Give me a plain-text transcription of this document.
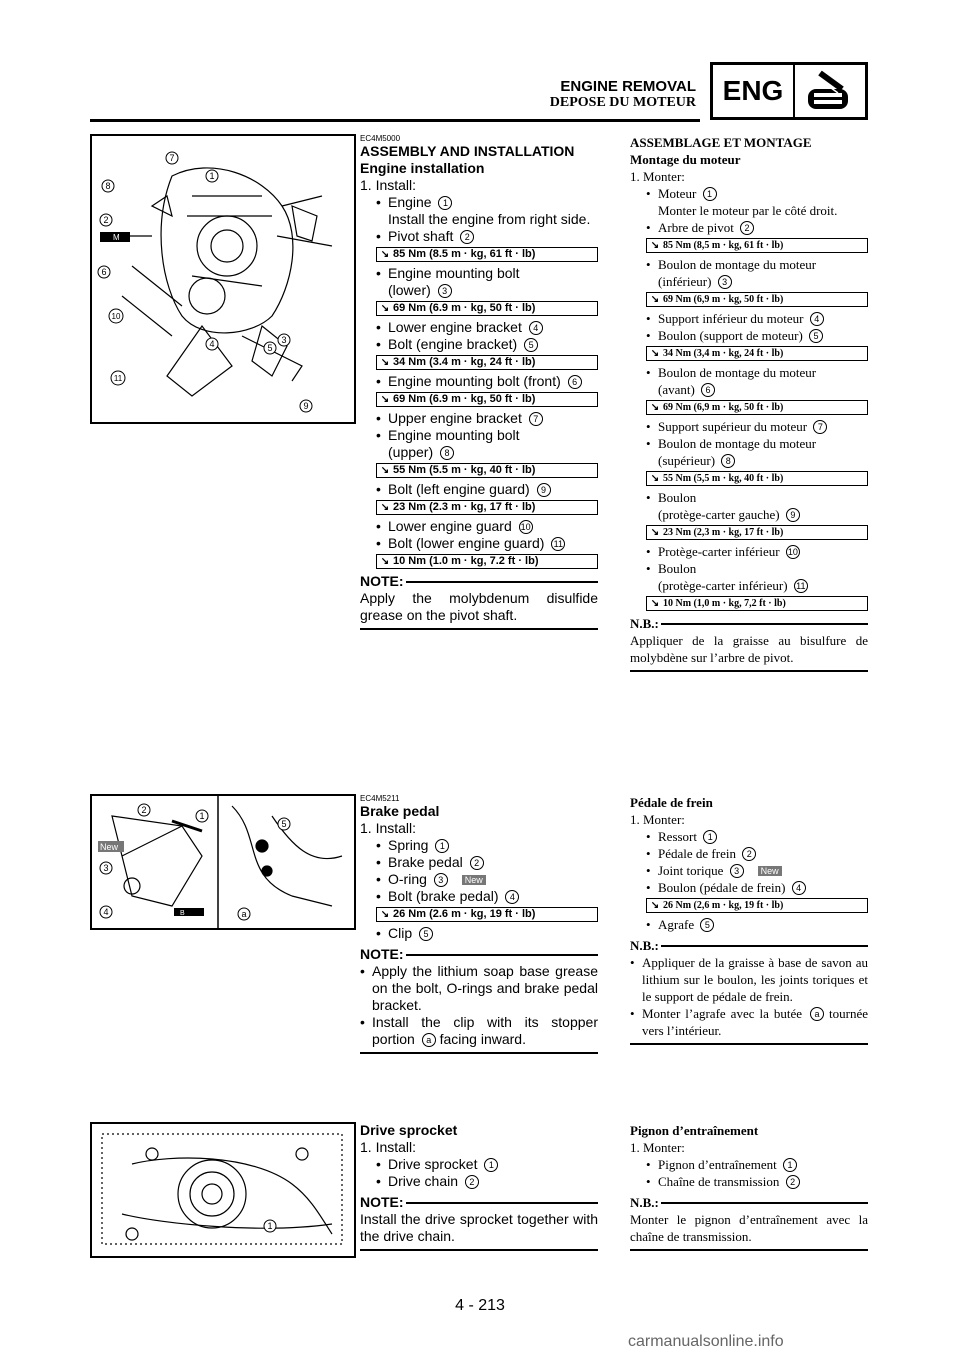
ENGINE REMOVAL
DEPOSE DU MOTEUR ENG
M
1
2
3
4	5
6
7
8
9
10
11
New
B
1
2
3
4
5
a
1
EC4M5000
ASSEMBLY AND INSTALLATION
Engine installation
1. Install:
• Engine 1
Install the engine from right side.
• Pivot shaft 2
↘ 85 Nm (8.5 m · kg, 61 ft · lb)
• Engine mounting bolt
(lower) 3
↘ 69 Nm (6.9 m · kg, 50 ft · lb)
• Lower engine bracket 4
• Bolt (engine bracket) 5
↘ 34 Nm (3.4 m · kg, 24 ft · lb)
• Engine mounting bolt (front) 6
↘ 69 Nm (6.9 m · kg, 50 ft · lb)
• Upper engine bracket 7
• Engine mounting bolt
(upper) 8
↘ 55 Nm (5.5 m · kg, 40 ft · lb)
• Bolt (left engine guard) 9
↘ 23 Nm (2.3 m · kg, 17 ft · lb)
• Lower engine guard 10
• Bolt (lower engine guard) 11
↘ 10 Nm (1.0 m · kg, 7.2 ft · lb)
NOTE:
Apply the molybdenum disulfide grease on the pivot shaft.
ASSEMBLAGE ET MONTAGE
Montage du moteur
1. Monter:
• Moteur 1
Monter le moteur par le côté droit.
• Arbre de pivot 2
↘ 85 Nm (8,5 m · kg, 61 ft · lb)
• Boulon de montage du moteur
(inférieur) 3
↘ 69 Nm (6,9 m · kg, 50 ft · lb)
• Support inférieur du moteur 4
• Boulon (support de moteur) 5
↘ 34 Nm (3,4 m · kg, 24 ft · lb)
• Boulon de montage du moteur
(avant) 6
↘ 69 Nm (6,9 m · kg, 50 ft · lb)
• Support supérieur du moteur 7
• Boulon de montage du moteur
(supérieur) 8
↘ 55 Nm (5,5 m · kg, 40 ft · lb)
• Boulon
(protège-carter gauche) 9
↘ 23 Nm (2,3 m · kg, 17 ft · lb)
• Protège-carter inférieur 10
• Boulon
(protège-carter inférieur) 11
↘ 10 Nm (1,0 m · kg, 7,2 ft · lb)
N.B.:
Appliquer de la graisse au bisulfure de molybdène sur l’arbre de pivot.
EC4M5211
Brake pedal
1. Install:
• Spring 1
• Brake pedal 2
• O-ring 3 New
• Bolt (brake pedal) 4
↘ 26 Nm (2.6 m · kg, 19 ft · lb)
• Clip 5
NOTE:
• Apply the lithium soap base grease on the bolt, O-rings and brake pedal bracket.
• Install the clip with its stopper portion a facing inward.
Pédale de frein
1. Monter:
• Ressort 1
• Pédale de frein 2
• Joint torique 3 New
• Boulon (pédale de frein) 4
↘ 26 Nm (2,6 m · kg, 19 ft · lb)
• Agrafe 5
N.B.:
• Appliquer de la graisse à base de savon au lithium sur le boulon, les joints toriques et le support de pédale de frein.
• Monter l’agrafe avec la butée a tournée vers l’intérieur.
Drive sprocket
1. Install:
• Drive sprocket 1
• Drive chain 2
NOTE:
Install the drive sprocket together with the drive chain.
Pignon d’entraînement
1. Monter:
• Pignon d’entraînement 1
• Chaîne de transmission 2
N.B.:
Monter le pignon d’entraînement avec la chaîne de transmission.
4 - 213
carmanualsonline.info
